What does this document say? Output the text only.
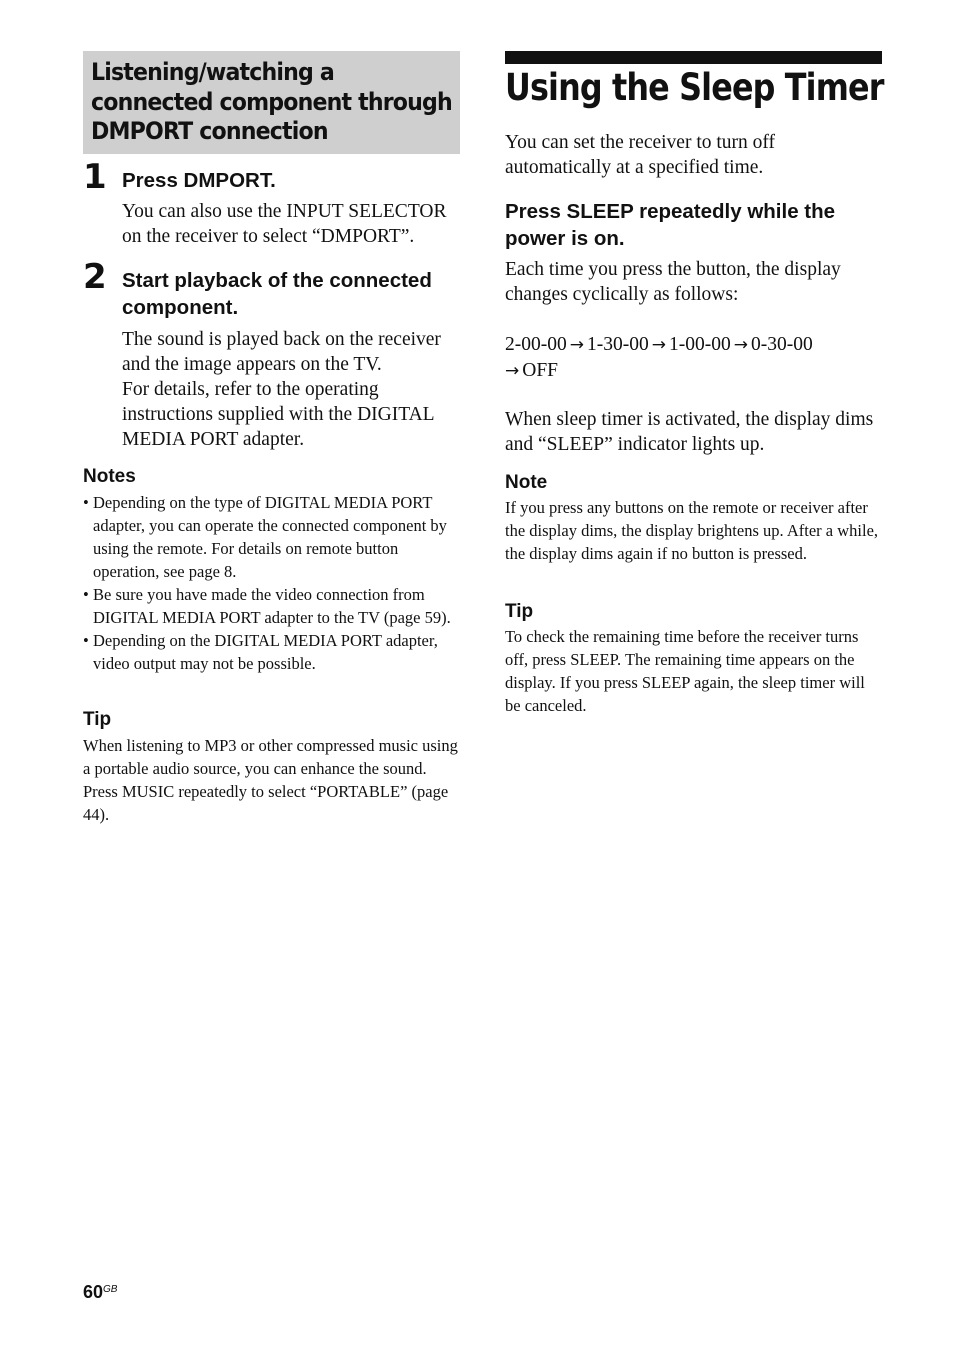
Listening/watching a connected component through DMPORT connection
1 Press DMPORT.
You can also use the INPUT SELECTOR on the receiver to select “DMPORT”.
2 Start playback of the connected component.
The sound is played back on the receiver and the image appears on the TV.
For details, refer to the operating instructions supplied with the DIGITAL MEDIA PORT adapter.
Notes
• Depending on the type of DIGITAL MEDIA PORT adapter, you can operate the connected component by using the remote. For details on remote button operation, see page 8.
• Be sure you have made the video connection from DIGITAL MEDIA PORT adapter to the TV (page 59).
• Depending on the DIGITAL MEDIA PORT adapter, video output may not be possible.
Tip
When listening to MP3 or other compressed music using a portable audio source, you can enhance the sound. Press MUSIC repeatedly to select “PORTABLE” (page 44).
Using the Sleep Timer
You can set the receiver to turn off automatically at a specified time.
Press SLEEP repeatedly while the power is on.
Each time you press the button, the display changes cyclically as follows:
2-00-00 → 1-30-00 → 1-00-00 → 0-30-00
→ OFF
When sleep timer is activated, the display dims and “SLEEP” indicator lights up.
Note
If you press any buttons on the remote or receiver after the display dims, the display brightens up. After a while, the display dims again if no button is pressed.
Tip
To check the remaining time before the receiver turns off, press SLEEP. The remaining time appears on the display. If you press SLEEP again, the sleep timer will be canceled.
$60^{GB}$
